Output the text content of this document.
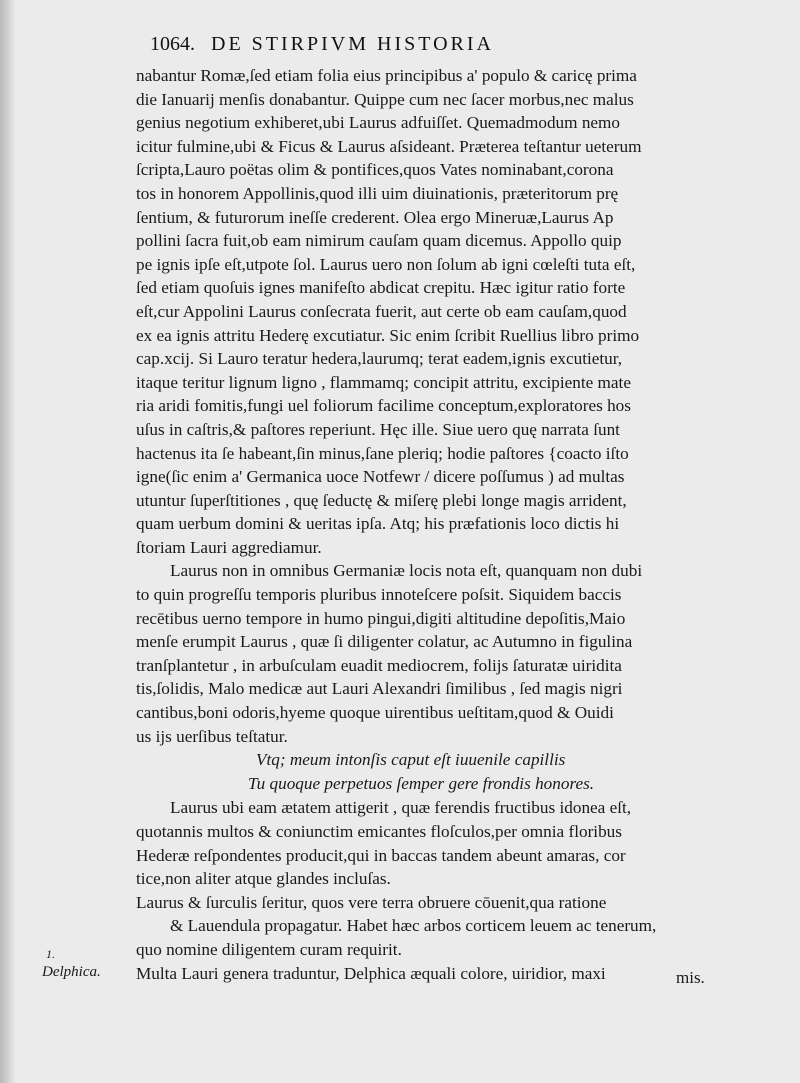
1064. DE STIRPIVM HISTORIA
nabantur Romæ,ſed etiam folia eius principibus a' populo & caricę prima
die Ianuarij menſis donabantur. Quippe cum nec ſacer morbus,nec malus
genius negotium exhiberet,ubi Laurus adfuiſſet. Quemadmodum nemo
icitur fulmine,ubi & Ficus & Laurus aſsideant. Præterea teſtantur ueterum
ſcripta,Lauro poëtas olim & pontifices,quos Vates nominabant,corona
tos in honorem Appollinis,quod illi uim diuinationis, præteritorum prę
ſentium, & futurorum ineſſe crederent. Olea ergo Mineruæ,Laurus Ap
pollini ſacra fuit,ob eam nimirum cauſam quam dicemus. Appollo quip
pe ignis ipſe eſt,utpote ſol. Laurus uero non ſolum ab igni cœleſti tuta eſt,
ſed etiam quoſuis ignes manifeſto abdicat crepitu. Hæc igitur ratio forte
eſt,cur Appolini Laurus conſecrata fuerit, aut certe ob eam cauſam,quod
ex ea ignis attritu Hederę excutiatur. Sic enim ſcribit Ruellius libro primo
cap.xcij. Si Lauro teratur hedera,laurumq; terat eadem,ignis excutietur,
itaque teritur lignum ligno , flammamq; concipit attritu, excipiente mate
ria aridi fomitis,fungi uel foliorum facilime conceptum,exploratores hos
uſus in caſtris,& paſtores reperiunt. Hęc ille. Siue uero quę narrata ſunt
hactenus ita ſe habeant,ſin minus,ſane pleriq; hodie paſtores {coacto iſto
igne(ſic enim a' Germanica uoce Notfewr / dicere poſſumus ) ad multas
utuntur ſuperſtitiones , quę ſeductę & miſerę plebi longe magis arrident,
quam uerbum domini & ueritas ipſa. Atq; his præfationis loco dictis hi
ſtoriam Lauri aggrediamur.
Laurus non in omnibus Germaniæ locis nota eſt, quanquam non dubi
to quin progreſſu temporis pluribus innoteſcere poſsit. Siquidem baccis
recētibus uerno tempore in humo pingui,digiti altitudine depoſitis,Maio
menſe erumpit Laurus , quæ ſi diligenter colatur, ac Autumno in figulina
tranſplantetur , in arbuſculam euadit mediocrem, folijs ſaturatæ uiridita
tis,ſolidis, Malo medicæ aut Lauri Alexandri ſimilibus , ſed magis nigri
cantibus,boni odoris,hyeme quoque uirentibus ueſtitam,quod & Ouidi
us ijs uerſibus teſtatur.
Vtq; meum intonſis caput eſt iuuenile capillis
Tu quoque perpetuos ſemper gere frondis honores.
Laurus ubi eam ætatem attigerit , quæ ferendis fructibus idonea eſt,
quotannis multos & coniunctim emicantes floſculos,per omnia floribus
Hederæ reſpondentes producit,qui in baccas tandem abeunt amaras, cor
tice,non aliter atque glandes incluſas.
Laurus & ſurculis ſeritur, quos vere terra obruere cōuenit,qua ratione
& Lauendula propagatur. Habet hæc arbos corticem leuem ac tenerum,
quo nomine diligentem curam requirit.
Multa Lauri genera traduntur, Delphica æquali colore, uiridior, maxi
1.
Delphica.	mis.
